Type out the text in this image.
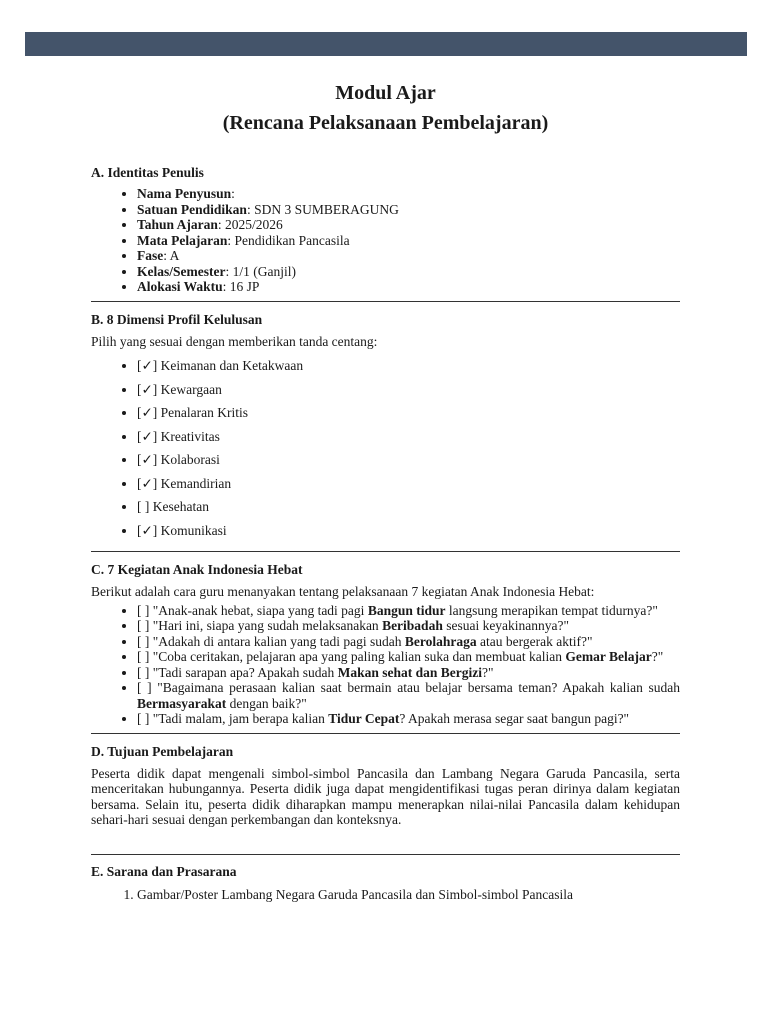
Modul Ajar
(Rencana Pelaksanaan Pembelajaran)
A. Identitas Penulis
• Nama Penyusun:
• Satuan Pendidikan: SDN 3 SUMBERAGUNG
• Tahun Ajaran: 2025/2026
• Mata Pelajaran: Pendidikan Pancasila
• Fase: A
• Kelas/Semester: 1/1 (Ganjil)
• Alokasi Waktu: 16 JP
B. 8 Dimensi Profil Kelulusan

Pilih yang sesuai dengan memberikan tanda centang:

• [✓] Keimanan dan Ketakwaan
• [✓] Kewargaan
• [✓] Penalaran Kritis
• [✓] Kreativitas
• [✓] Kolaborasi
• [✓] Kemandirian
• [ ] Kesehatan
• [✓] Komunikasi
C. 7 Kegiatan Anak Indonesia Hebat

Berikut adalah cara guru menanyakan tentang pelaksanaan 7 kegiatan Anak Indonesia Hebat:

• [ ] "Anak-anak hebat, siapa yang tadi pagi Bangun tidur langsung merapikan tempat tidurnya?"
• [ ] "Hari ini, siapa yang sudah melaksanakan Beribadah sesuai keyakinannya?"
• [ ] "Adakah di antara kalian yang tadi pagi sudah Berolahraga atau bergerak aktif?"
• [ ] "Coba ceritakan, pelajaran apa yang paling kalian suka dan membuat kalian Gemar Belajar?"
• [ ] "Tadi sarapan apa? Apakah sudah Makan sehat dan Bergizi?"
• [ ] "Bagaimana perasaan kalian saat bermain atau belajar bersama teman? Apakah kalian sudah Bermasyarakat dengan baik?"
• [ ] "Tadi malam, jam berapa kalian Tidur Cepat? Apakah merasa segar saat bangun pagi?"
D. Tujuan Pembelajaran

Peserta didik dapat mengenali simbol-simbol Pancasila dan Lambang Negara Garuda Pancasila, serta menceritakan hubungannya. Peserta didik juga dapat mengidentifikasi tugas peran dirinya dalam kegiatan bersama. Selain itu, peserta didik diharapkan mampu menerapkan nilai-nilai Pancasila dalam kehidupan sehari-hari sesuai dengan perkembangan dan konteksnya.

E. Sarana dan Prasarana
1. Gambar/Poster Lambang Negara Garuda Pancasila dan Simbol-simbol Pancasila
